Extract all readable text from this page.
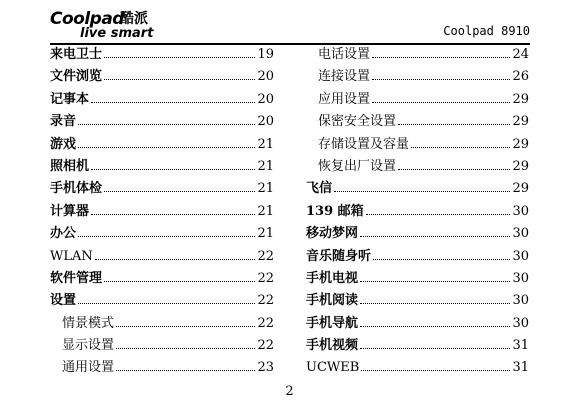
Coolpad
酷派
live smart	Coolpad 8910
来电卫士	19
文件浏览	20
记事本	20
录音	20
游戏	21
照相机	21
手机体检	21
计算器	21
办公	21
WLAN	22
软件管理	22
设置	22
情景模式	22
显示设置	22
通用设置	23
电话设置	24
连接设置	26
应用设置	29
保密安全设置	29
存储设置及容量	29
恢复出厂设置	29
飞信	29
139 邮箱	30
移动梦网	30
音乐随身听	30
手机电视	30
手机阅读	30
手机导航	30
手机视频	31
UCWEB	31
2
